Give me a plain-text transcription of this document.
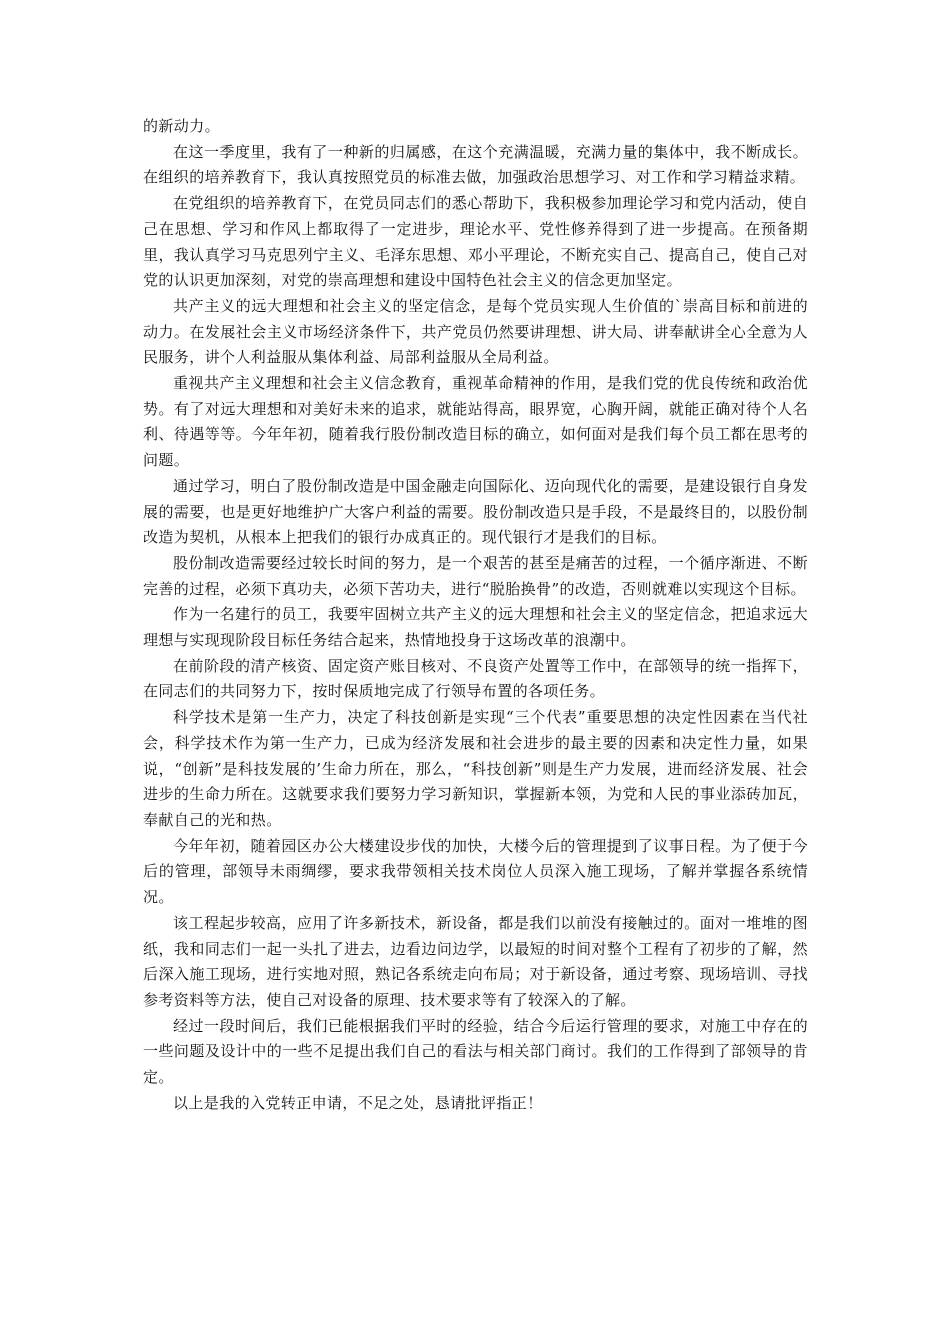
的新动力。

在这一季度里，我有了一种新的归属感，在这个充满温暖，充满力量的集体中，我不断成长。在组织的培养教育下，我认真按照党员的标准去做，加强政治思想学习、对工作和学习精益求精。

在党组织的培养教育下，在党员同志们的悉心帮助下，我积极参加理论学习和党内活动，使自己在思想、学习和作风上都取得了一定进步，理论水平、党性修养得到了进一步提高。在预备期里，我认真学习马克思列宁主义、毛泽东思想、邓小平理论，不断充实自己、提高自己，使自己对党的认识更加深刻，对党的崇高理想和建设中国特色社会主义的信念更加坚定。

共产主义的远大理想和社会主义的坚定信念，是每个党员实现人生价值的`崇高目标和前进的动力。在发展社会主义市场经济条件下，共产党员仍然要讲理想、讲大局、讲奉献讲全心全意为人民服务，讲个人利益服从集体利益、局部利益服从全局利益。

重视共产主义理想和社会主义信念教育，重视革命精神的作用，是我们党的优良传统和政治优势。有了对远大理想和对美好未来的追求，就能站得高，眼界宽，心胸开阔，就能正确对待个人名利、待遇等等。今年年初，随着我行股份制改造目标的确立，如何面对是我们每个员工都在思考的问题。

通过学习，明白了股份制改造是中国金融走向国际化、迈向现代化的需要，是建设银行自身发展的需要，也是更好地维护广大客户利益的需要。股份制改造只是手段，不是最终目的，以股份制改造为契机，从根本上把我们的银行办成真正的。现代银行才是我们的目标。

股份制改造需要经过较长时间的努力，是一个艰苦的甚至是痛苦的过程，一个循序渐进、不断完善的过程，必须下真功夫，必须下苦功夫，进行“脱胎换骨”的改造，否则就难以实现这个目标。

作为一名建行的员工，我要牢固树立共产主义的远大理想和社会主义的坚定信念，把追求远大理想与实现现阶段目标任务结合起来，热情地投身于这场改革的浪潮中。

在前阶段的清产核资、固定资产账目核对、不良资产处置等工作中，在部领导的统一指挥下，在同志们的共同努力下，按时保质地完成了行领导布置的各项任务。

科学技术是第一生产力，决定了科技创新是实现“三个代表”重要思想的决定性因素在当代社会，科学技术作为第一生产力，已成为经济发展和社会进步的最主要的因素和决定性力量，如果说，“创新”是科技发展的’生命力所在，那么，“科技创新”则是生产力发展，进而经济发展、社会进步的生命力所在。这就要求我们要努力学习新知识，掌握新本领，为党和人民的事业添砖加瓦，奉献自己的光和热。

今年年初，随着园区办公大楼建设步伐的加快，大楼今后的管理提到了议事日程。为了便于今后的管理，部领导未雨绸缪，要求我带领相关技术岗位人员深入施工现场，了解并掌握各系统情况。

该工程起步较高，应用了许多新技术，新设备，都是我们以前没有接触过的。面对一堆堆的图纸，我和同志们一起一头扎了进去，边看边问边学，以最短的时间对整个工程有了初步的了解，然后深入施工现场，进行实地对照，熟记各系统走向布局；对于新设备，通过考察、现场培训、寻找参考资料等方法，使自己对设备的原理、技术要求等有了较深入的了解。

经过一段时间后，我们已能根据我们平时的经验，结合今后运行管理的要求，对施工中存在的一些问题及设计中的一些不足提出我们自己的看法与相关部门商讨。我们的工作得到了部领导的肯定。

以上是我的入党转正申请，不足之处，恳请批评指正！
